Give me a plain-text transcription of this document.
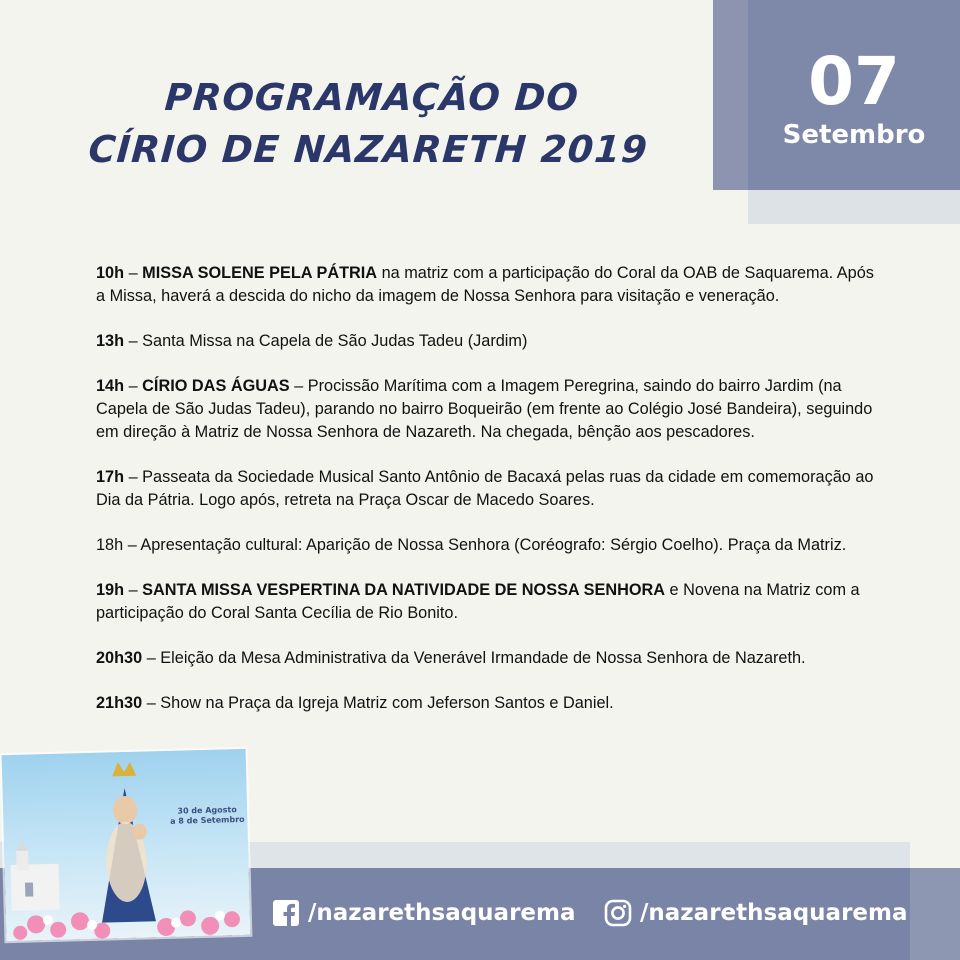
PROGRAMAÇÃO DO
CÍRIO DE NAZARETH 2019
07
Setembro

10h – MISSA SOLENE PELA PÁTRIA na matriz com a participação do Coral da OAB de Saquarema. Após a Missa, haverá a descida do nicho da imagem de Nossa Senhora para visitação e veneração.

13h – Santa Missa na Capela de São Judas Tadeu (Jardim)

14h – CÍRIO DAS ÁGUAS – Procissão Marítima com a Imagem Peregrina, saindo do bairro Jardim (na Capela de São Judas Tadeu), parando no bairro Boqueirão (em frente ao Colégio José Bandeira), seguindo em direção à Matriz de Nossa Senhora de Nazareth. Na chegada, bênção aos pescadores.

17h – Passeata da Sociedade Musical Santo Antônio de Bacaxá pelas ruas da cidade em comemoração ao Dia da Pátria. Logo após, retreta na Praça Oscar de Macedo Soares.

18h – Apresentação cultural: Aparição de Nossa Senhora (Coréografo: Sérgio Coelho). Praça da Matriz.

19h – SANTA MISSA VESPERTINA DA NATIVIDADE DE NOSSA SENHORA e Novena na Matriz com a participação do Coral Santa Cecília de Rio Bonito.

20h30 – Eleição da Mesa Administrativa da Venerável Irmandade de Nossa Senhora de Nazareth.

21h30 – Show na Praça da Igreja Matriz com Jeferson Santos e Daniel.

30 de Agosto
a 8 de Setembro
/nazarethsaquarema	/nazarethsaquarema
